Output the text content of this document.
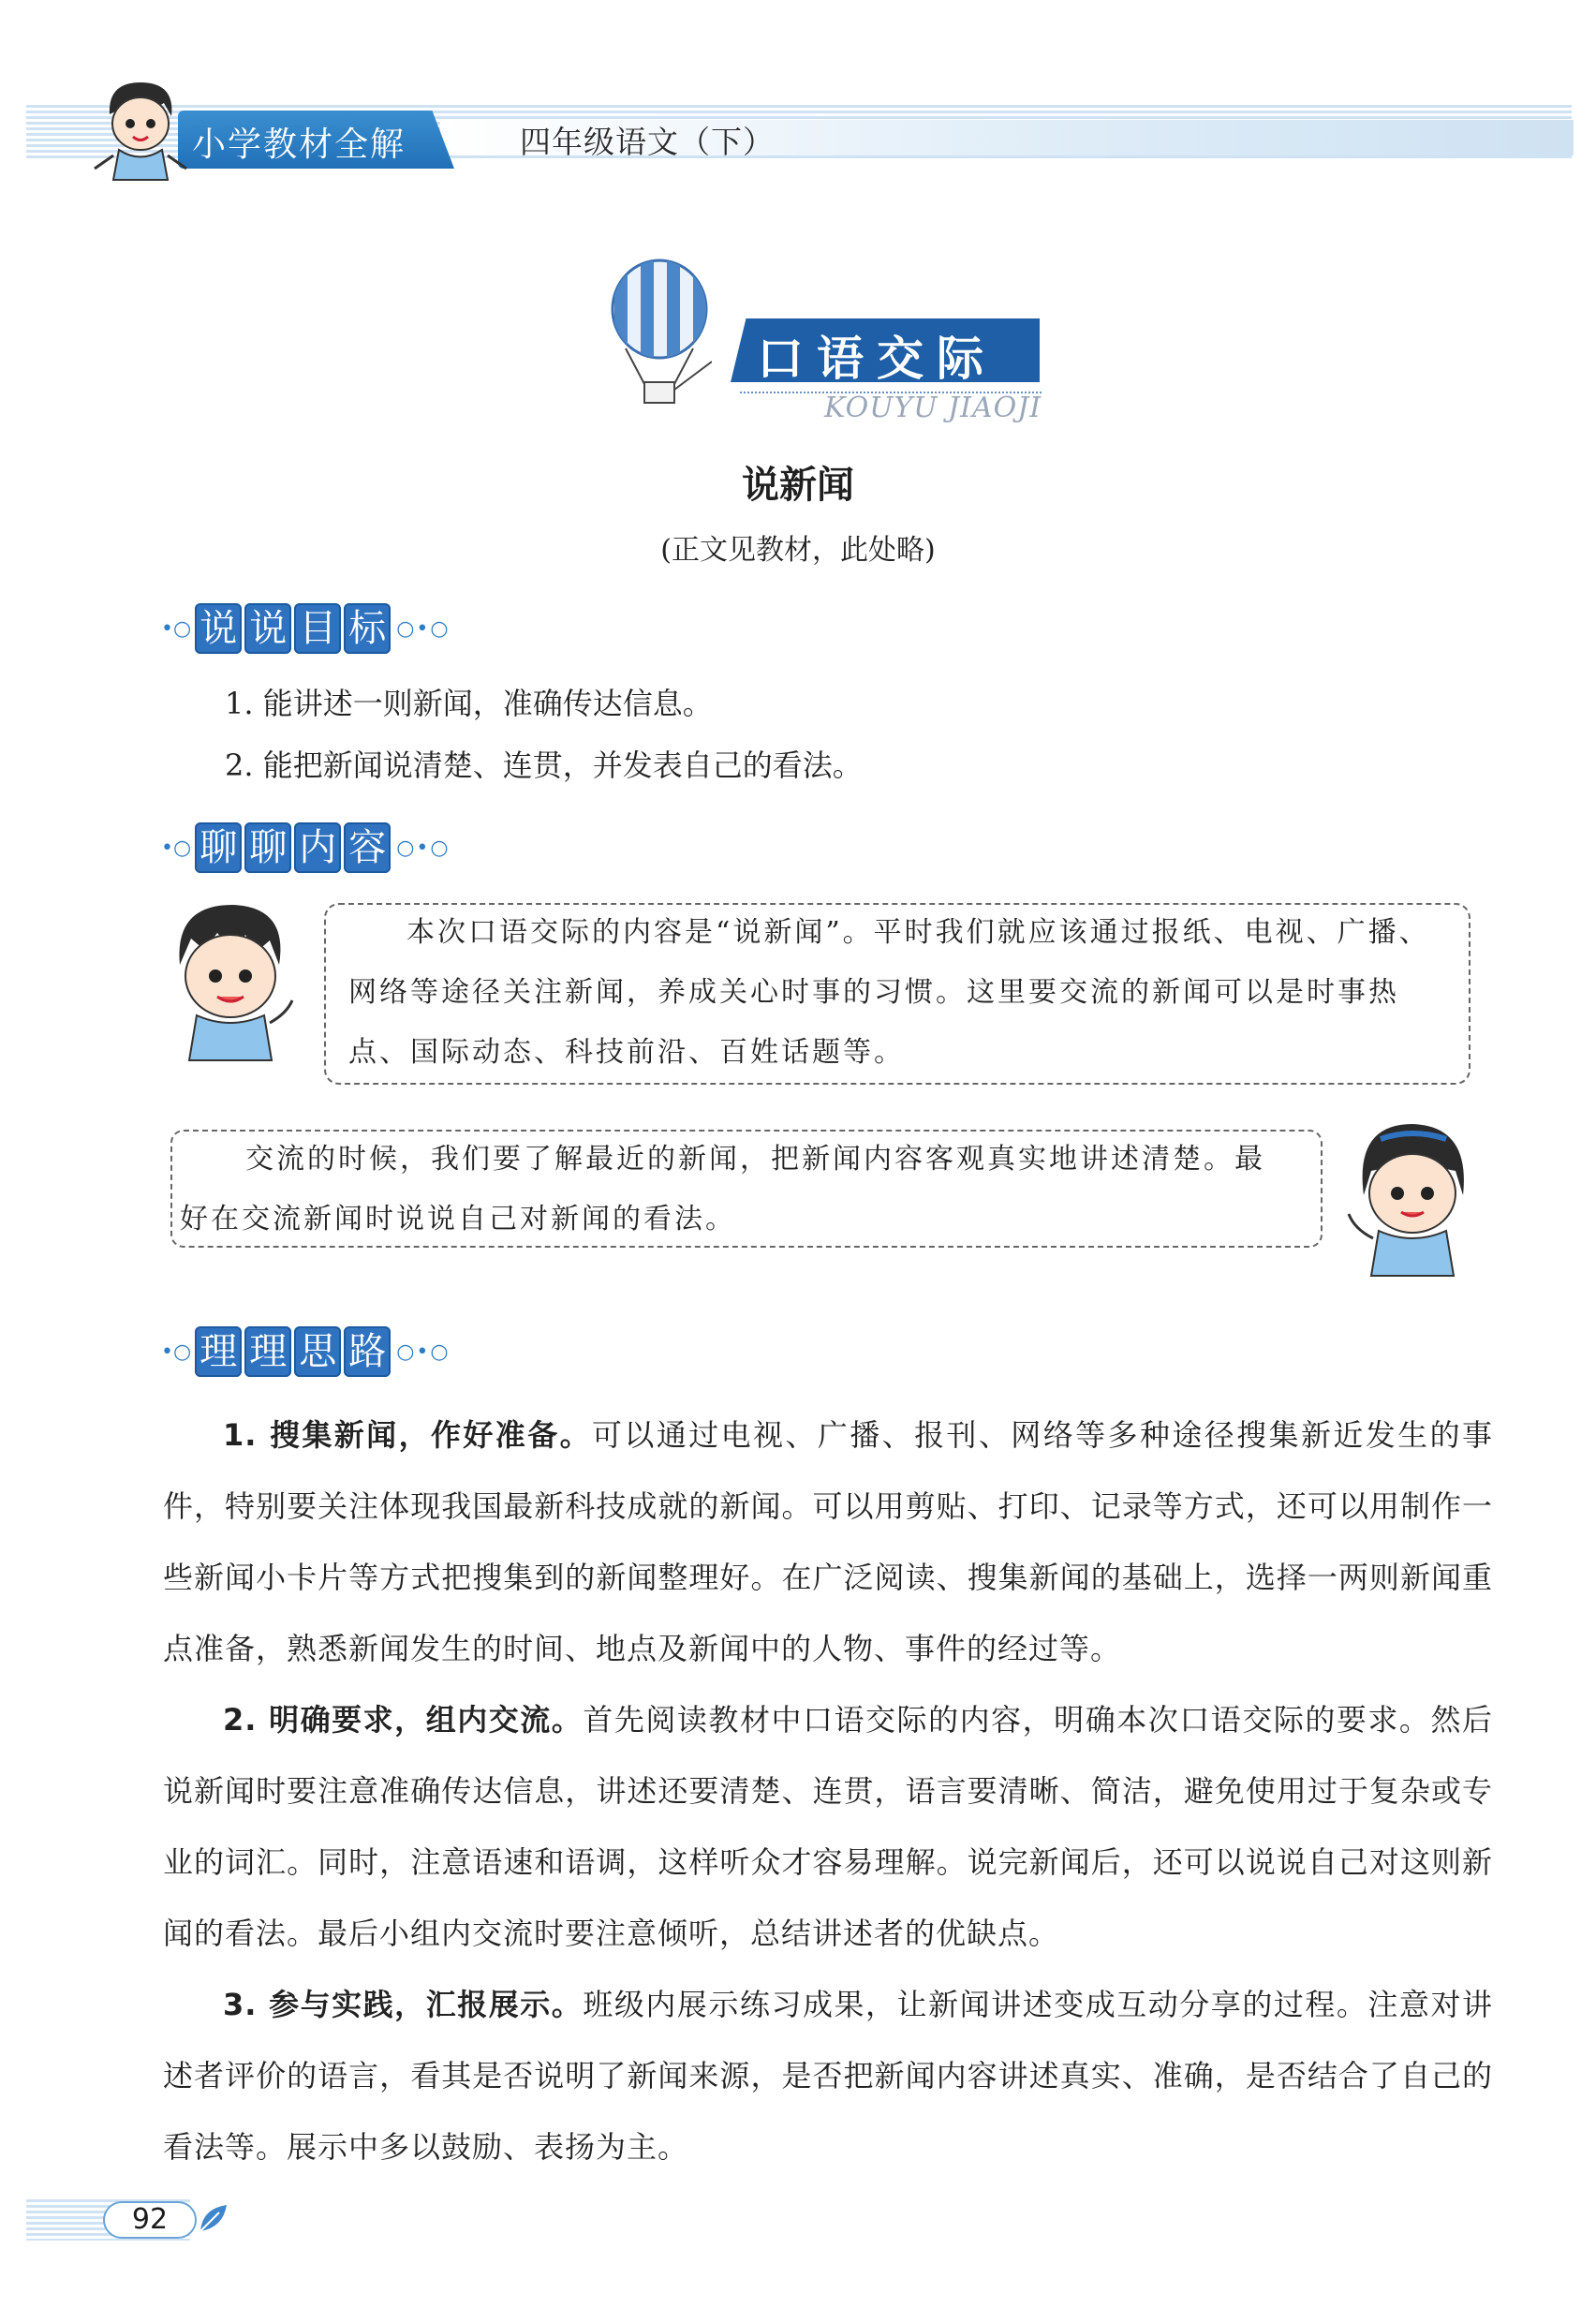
小学教材全解	四年级语文（下）
口语交际
KOUYU JIAOJI
说新闻
(正文见教材，此处略)
•○ 说 说 目 标 ○•○
1. 能讲述一则新闻，准确传达信息。
2. 能把新闻说清楚、连贯，并发表自己的看法。
•○ 聊 聊 内 容 ○•○
本次口语交际的内容是“说新闻”。平时我们就应该通过报纸、电视、广播、
网络等途径关注新闻，养成关心时事的习惯。这里要交流的新闻可以是时事热
点、国际动态、科技前沿、百姓话题等。
交流的时候，我们要了解最近的新闻，把新闻内容客观真实地讲述清楚。最
好在交流新闻时说说自己对新闻的看法。
•○ 理 理 思 路 ○•○
1. 搜集新闻，作好准备。可以通过电视、广播、报刊、网络等多种途径搜集新近发生的事件，特别要关注体现我国最新科技成就的新闻。可以用剪贴、打印、记录等方式，还可以用制作一些新闻小卡片等方式把搜集到的新闻整理好。在广泛阅读、搜集新闻的基础上，选择一两则新闻重点准备，熟悉新闻发生的时间、地点及新闻中的人物、事件的经过等。
2. 明确要求，组内交流。首先阅读教材中口语交际的内容，明确本次口语交际的要求。然后说新闻时要注意准确传达信息，讲述还要清楚、连贯，语言要清晰、简洁，避免使用过于复杂或专业的词汇。同时，注意语速和语调，这样听众才容易理解。说完新闻后，还可以说说自己对这则新闻的看法。最后小组内交流时要注意倾听，总结讲述者的优缺点。
3. 参与实践，汇报展示。班级内展示练习成果，让新闻讲述变成互动分享的过程。注意对讲述者评价的语言，看其是否说明了新闻来源，是否把新闻内容讲述真实、准确，是否结合了自己的看法等。展示中多以鼓励、表扬为主。
92
